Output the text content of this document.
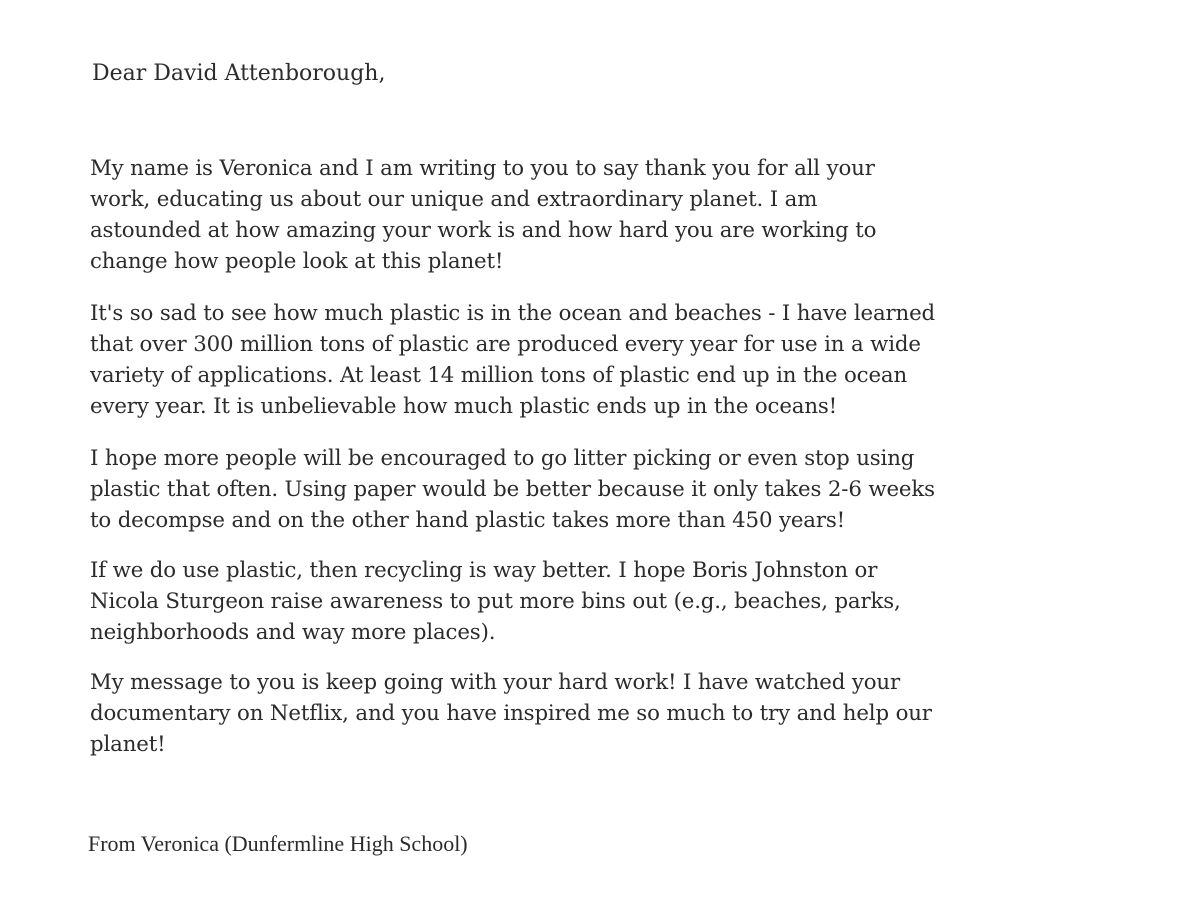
Dear David Attenborough,

My name is Veronica and I am writing to you to say thank you for all your
work, educating us about our unique and extraordinary planet. I am
astounded at how amazing your work is and how hard you are working to
change how people look at this planet!

It's so sad to see how much plastic is in the ocean and beaches - I have learned
that over 300 million tons of plastic are produced every year for use in a wide
variety of applications. At least 14 million tons of plastic end up in the ocean
every year. It is unbelievable how much plastic ends up in the oceans!

I hope more people will be encouraged to go litter picking or even stop using
plastic that often. Using paper would be better because it only takes 2-6 weeks
to decompse and on the other hand plastic takes more than 450 years!

If we do use plastic, then recycling is way better. I hope Boris Johnston or
Nicola Sturgeon raise awareness to put more bins out (e.g., beaches, parks,
neighborhoods and way more places).

My message to you is keep going with your hard work! I have watched your
documentary on Netflix, and you have inspired me so much to try and help our
planet!

From Veronica (Dunfermline High School)
